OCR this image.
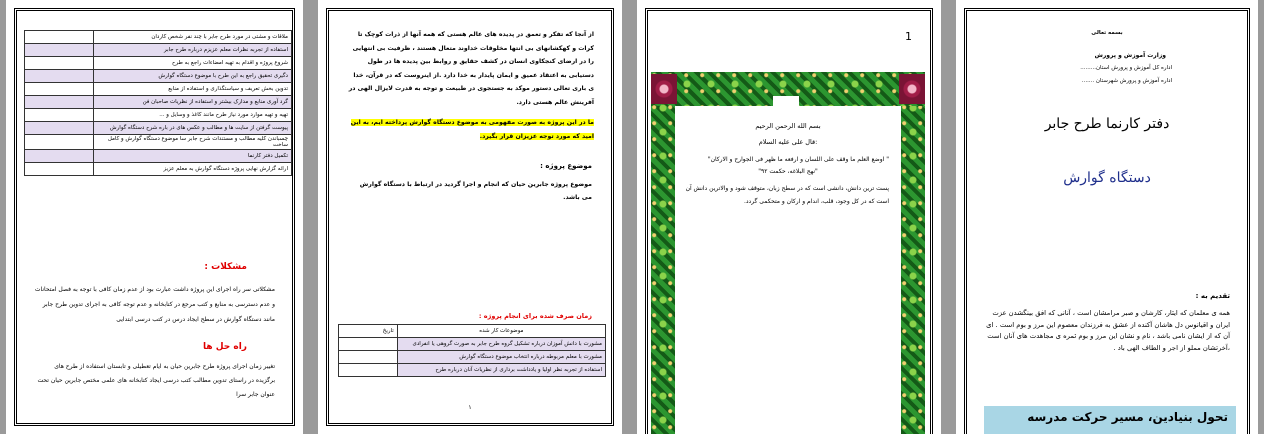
	ملاقات و مشتی در مورد طرح جابر با چند نفر شخص کاردان
	استفاده از تجربه نظرات معلم عزیزم درباره طرح جابر
	شروع پروژه و اقدام به تهیه امضاءات راجع به طرح
	دگیری تحقیق راجع به این طرح با موضوع دستگاه گوارش
	تدوین بخش تعریف و سیاستگذاری و استفاده از منابع
	گرد آوری منابع و مدارک بیشتر و استفاده از نظریات صاحبان فن
	تهیه و تهیه موارد مورد نیاز طرح مانند کاغذ و وسایل و ...
	پیوست گرفتن از سایت ها و مطالب و عکس های در باره شرح دستگاه گوارش
	چسباندن کلیه مطالب و مستندات شرح جابر سا موضوع دستگاه گوارش و کامل ساخت
	تکمیل دفتر کارنما
	ارائه گزارش نهایی پروژه دستگاه گوارش به معلم عزیز
مشکلات :
مشکلاتی سر راه اجرای این پروژه داشت عبارت بود از عدم زمان کافی با توجه به فصل امتحانات و عدم دسترسی به منابع و کتب مرجع در کتابخانه و عدم توجه کافی به اجرای تدوین طرح جابر مانند دستگاه گوارش در سطح ایجاد درس در کتب درسی ابتدایی
راه حل ها
تغییر زمان اجرای پروژه طرح جابرین حیان به ایام تعطیلی و تابستان استفاده از طرح های برگزیده در راستای تدوین مطالب کتب درسی ایجاد کتابخانه های علمی مختص جابرین حیان تحت عنوان جابر سرا
از آنجا که تفکر و تعمق در پدیده های عالم هستی که همه آنها از ذرات کوچک تا کرات و کهکشانهای بی انتها مخلوقات خداوند متعال هستند ، ظرفیت بی انتهایی را در ارضای کنجکاوی انسان در کشف حقایق و روابط بین پدیده ها در طول دستیابی به اعتقاد عمیق و ایمان پایدار به خدا دارد .از اینروست که در قرآن، خدا ی باری تعالی دستور موکد به جستجوی در طبیعت و توجه به قدرت لایزال الهی در آفرینش عالم هستی دارد.
ما در این پروژه به صورت مفهومی به موضوع دستگاه گوارش پرداخته ایم، به این امید که مورد توجه عزیزان قرار بگیرد.
موضوع پروژه :
موضوع پروژه جابرین حیان که انجام و اجرا گردید در ارتباط با دستگاه گوارش می باشد.
زمان صرف شده برای انجام پروژه :
تاریخ	موضوعات کار شده
	مشورت با دانش آموزان درباره تشکیل گروه طرح جابر به صورت گروهی یا انفرادی
	مشورت با معلم مربوطه درباره انتخاب موضوع دستگاه گوارش
	استفاده از تجربه نظر اولیا و یادداشت برداری از نظریات آنان درباره طرح
۱
1
بسم الله الرحمن الرحیم
قال علی علیه السلام:
" اوضع العلم ما وقف علی اللسان و ارفعه ما ظهر فی الجوارح و الارکان"
"نهج البلاغه، حکمت ۹۲"
پست ترین دانش، دانشی است که در سطح زبان، متوقف شود و والاترین دانش آن است که در کل وجود، قلب، اندام و ارکان و متحکمی گردد.
بسمه تعالی
وزارت آموزش و پرورش
اداره کل آموزش و پرورش استان.........
اداره آموزش و پرورش شهرستان .......
دفتر کارنما طرح جابر
دستگاه گوارش
تقدیم به :
همه ی معلمان که ایثار، کارشان و صبر مرامشان است ، آنانی که افق بینگشدن عزت ایران و اقیانوس دل هاشان آکنده از عشق به فرزندان معصوم این مرز و بوم است . ای آن که از ایشان نامی باشد ، نام و نشان این مرز و بوم ثمره ی مجاهدت های آنان است ،آخرتشان مملو از اجر و الطاف الهی باد .
تحول بنیادین، مسیر حرکت مدرسه
